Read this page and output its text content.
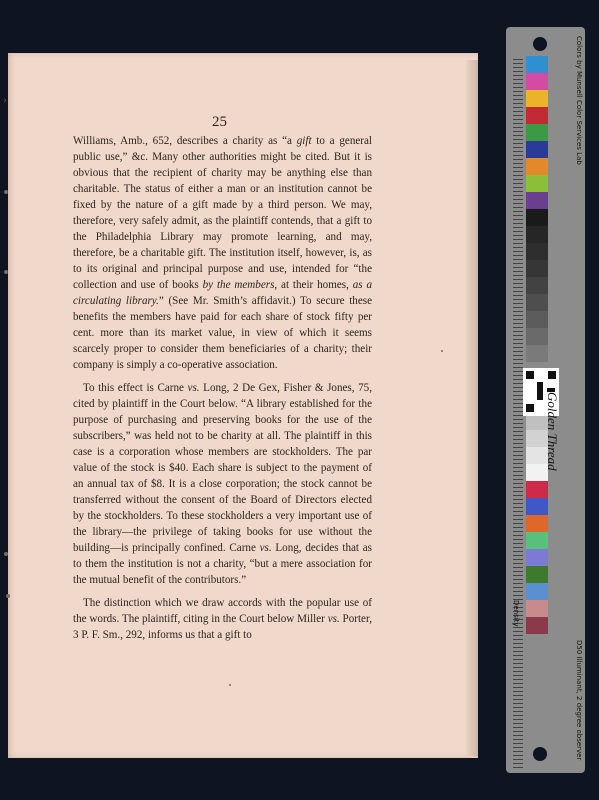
›
25

Williams, Amb., 652, describes a charity as “a gift to a general public use,” &c. Many other authorities might be cited. But it is obvious that the recipient of charity may be anything else than charitable. The status of either a man or an institution cannot be fixed by the nature of a gift made by a third person. We may, therefore, very safely admit, as the plaintiff contends, that a gift to the Philadelphia Library may promote learning, and may, therefore, be a charitable gift. The institution itself, however, is, as to its original and principal purpose and use, intended for “the collection and use of books by the members, at their homes, as a circulating library.” (See Mr. Smith’s affidavit.) To secure these benefits the members have paid for each share of stock fifty per cent. more than its market value, in view of which it seems scarcely proper to consider them beneficiaries of a charity; their company is simply a co-operative association.

To this effect is Carne vs. Long, 2 De Gex, Fisher & Jones, 75, cited by plaintiff in the Court below. “A library established for the purpose of purchasing and preserving books for the use of the subscribers,” was held not to be charity at all. The plaintiff in this case is a corporation whose members are stockholders. The par value of the stock is $40. Each share is subject to the payment of an annual tax of $8. It is a close corporation; the stock cannot be transferred without the consent of the Board of Directors elected by the stockholders. To these stockholders a very important use of the library—the privilege of taking books for use without the building—is principally confined. Carne vs. Long, decides that as to them the institution is not a charity, “but a mere association for the mutual benefit of the contributors.”

The distinction which we draw accords with the popular use of the words. The plaintiff, citing in the Court below Miller vs. Porter, 3 P. F. Sm., 292, informs us that a gift to

Golden Thread
Colors by Munsell Color Services Lab
D50 Illuminant, 2 degree observer
Density
